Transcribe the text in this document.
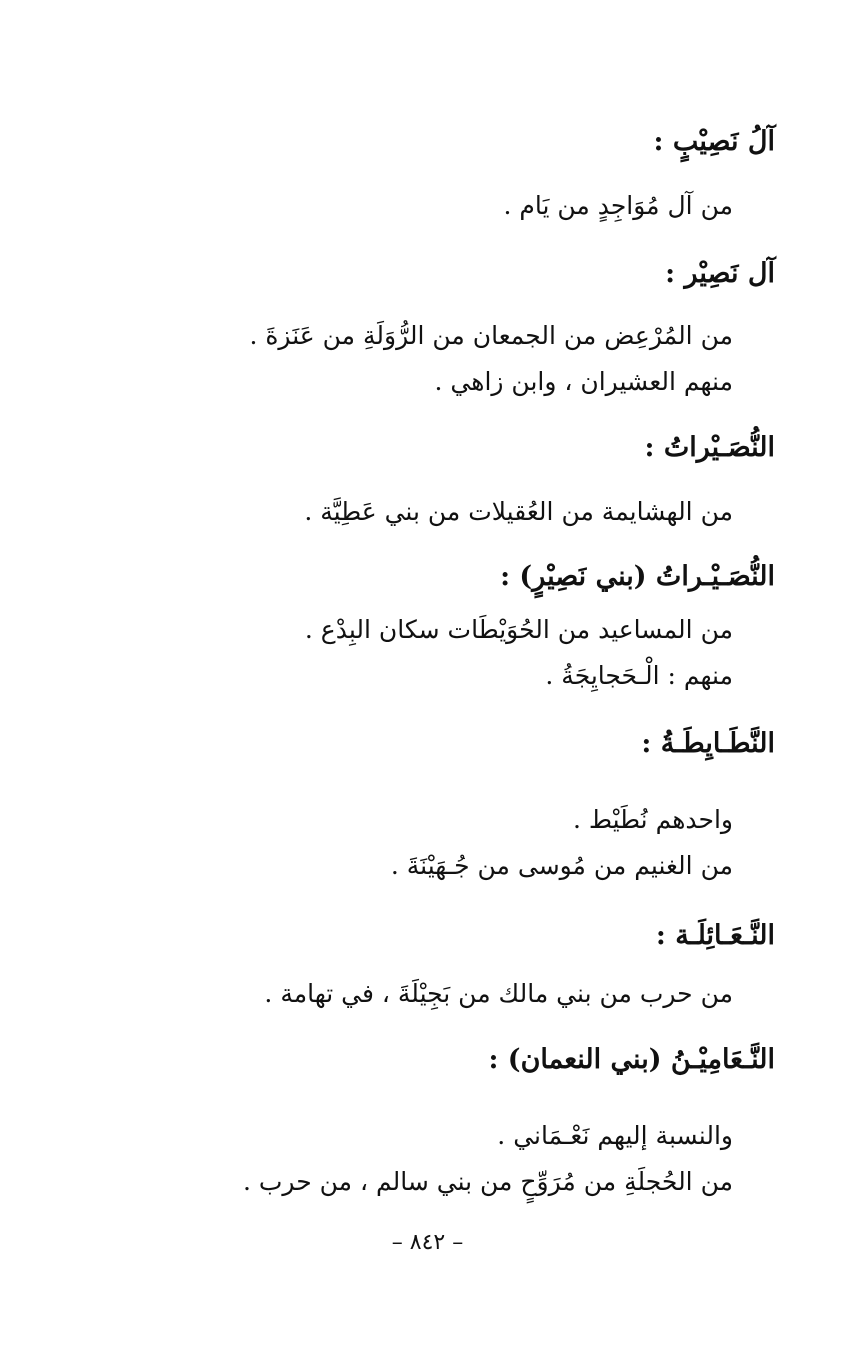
آلُ نَصِيْبٍ :
من آل مُوَاجِدٍ من يَام .
آل نَصِيْر :
من المُرْعِض من الجمعان من الرُّوَلَةِ من عَنَزةَ .
منهم العشيران ، وابن زاهي .
النُّصَـيْراتُ :
من الهشايمة من العُقيلات من بني عَطِيَّة .
النُّصَـيْـراتُ (بني نَصِيْرٍ) :
من المساعيد من الحُوَيْطَات سكان البِدْع .
منهم : الْـحَجايِجَةُ .
النَّطَـايِطَـةُ :
واحدهم نُطَيْط .
من الغنيم من مُوسى من جُـهَيْنَةَ .
النَّـعَـائِلَـة :
من حرب من بني مالك من بَجِيْلَةَ ، في تهامة .
النَّـعَامِيْـنُ (بني النعمان) :
والنسبة إليهم نَعْـمَاني .
من الحُجلَةِ من مُرَوِّحٍ من بني سالم ، من حرب .
– ٨٤٢ –
